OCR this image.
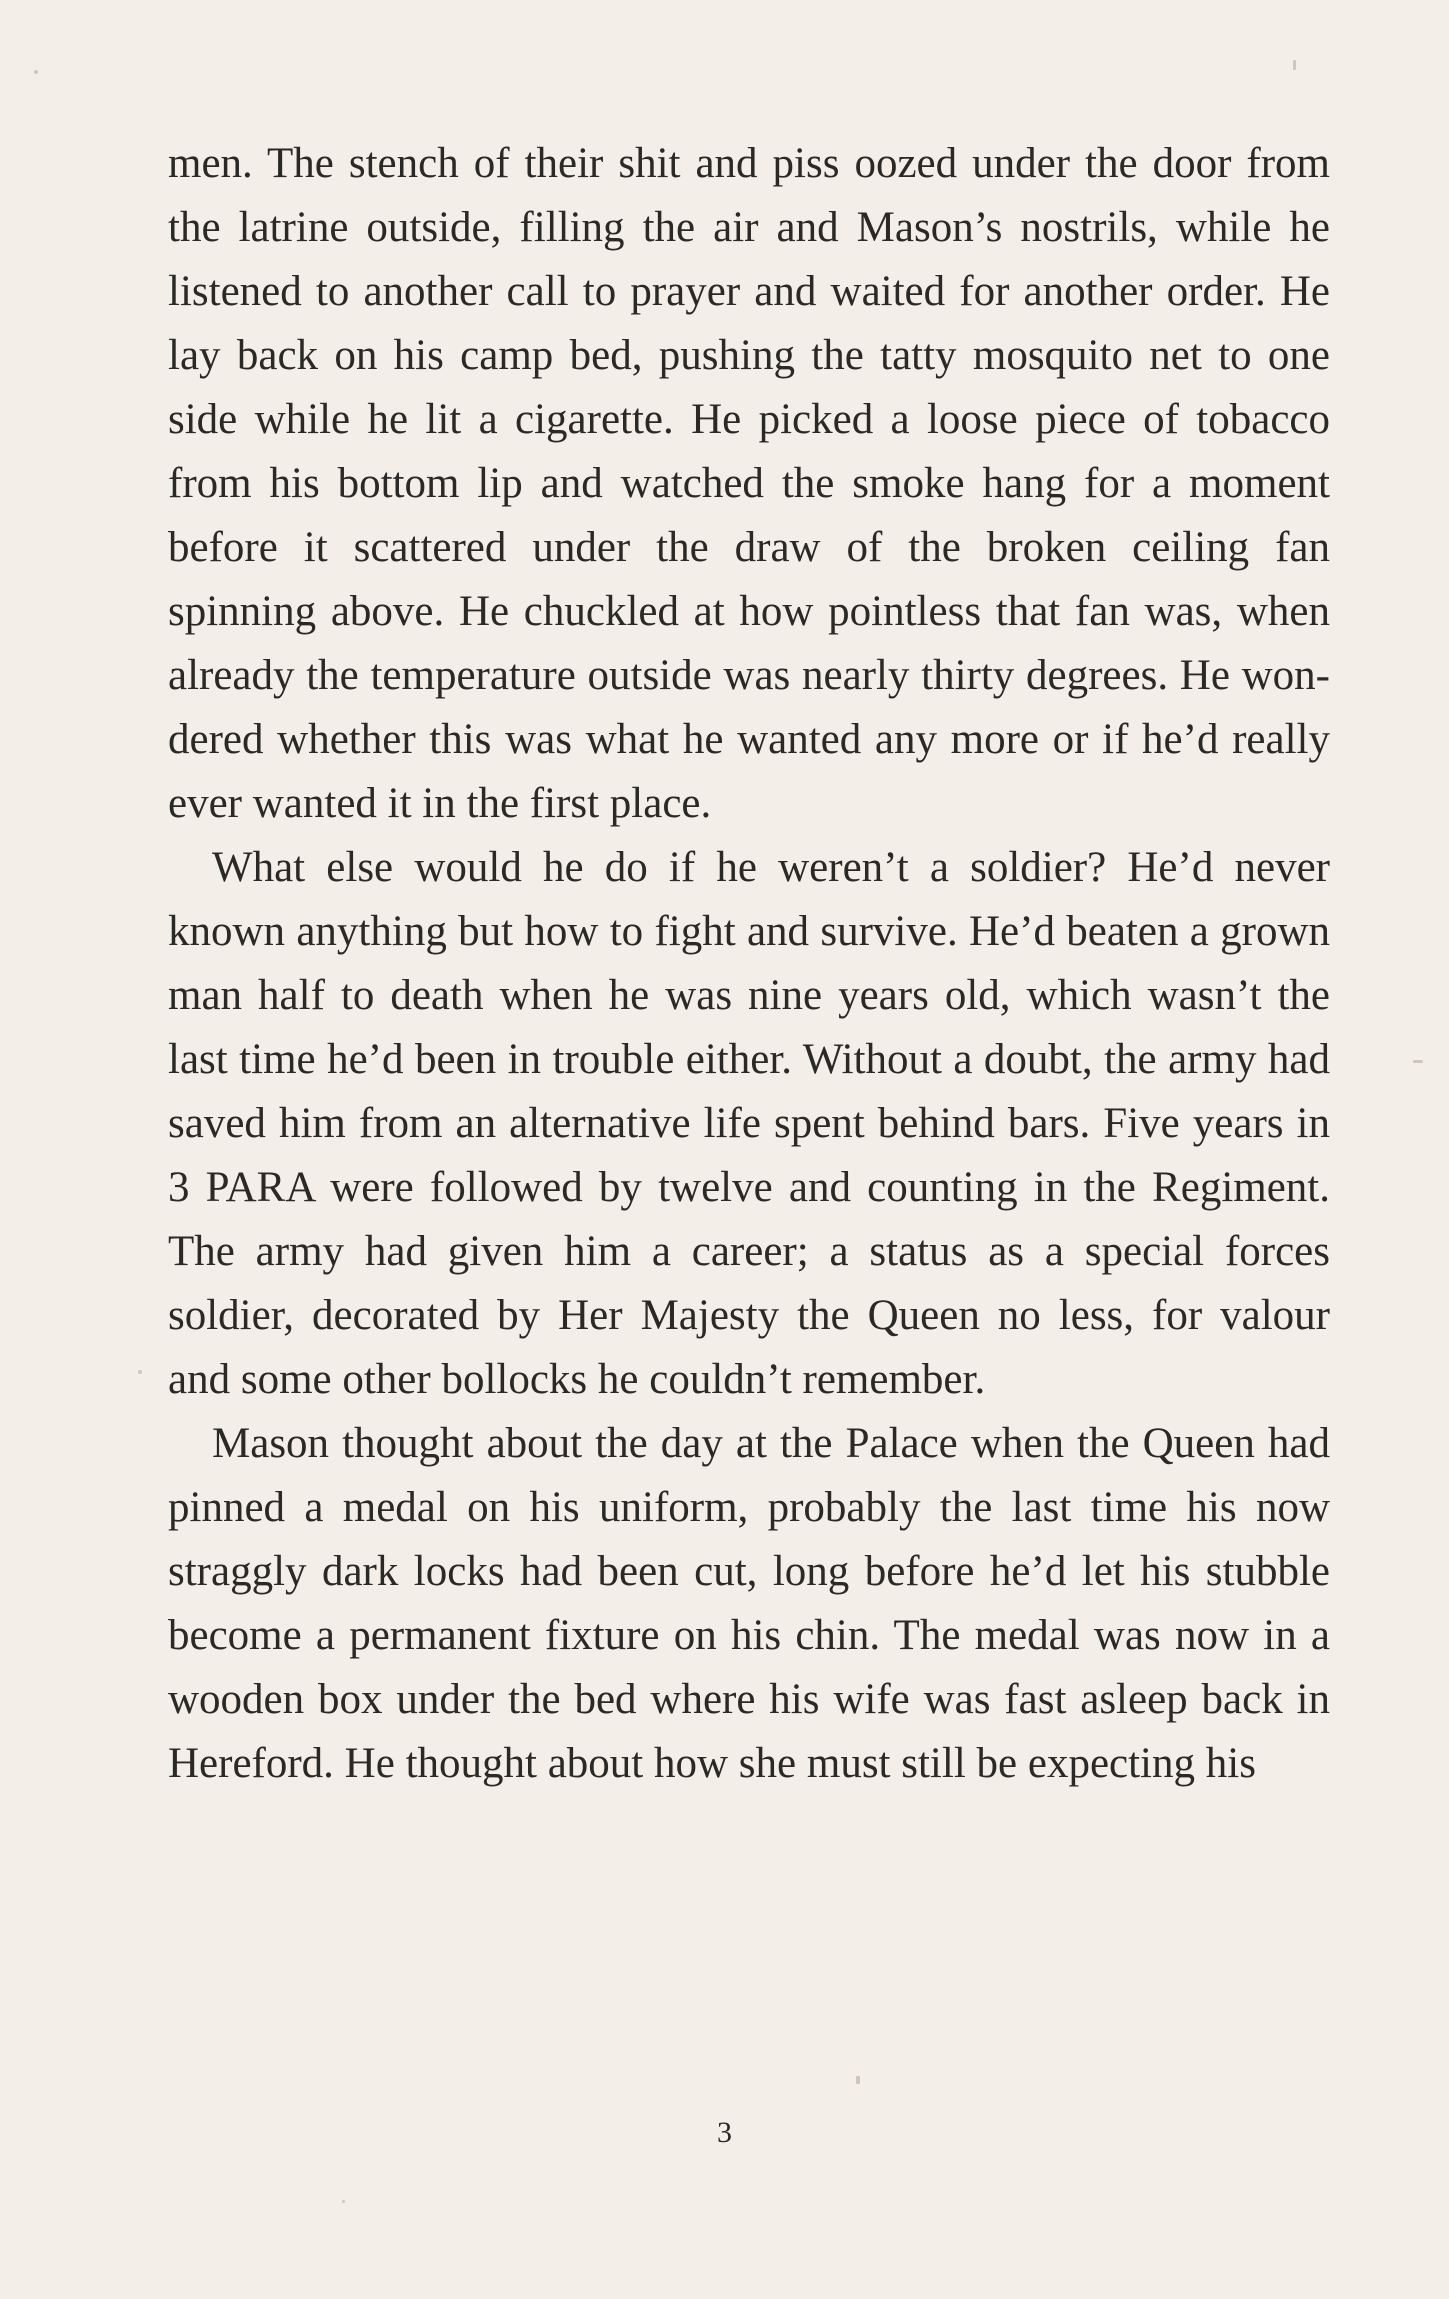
men. The stench of their shit and piss oozed under the door from the latrine outside, filling the air and Mason’s nostrils, while he listened to another call to prayer and waited for another order. He lay back on his camp bed, pushing the tatty mosquito net to one side while he lit a cigarette. He picked a loose piece of tobacco from his bottom lip and watched the smoke hang for a moment before it scattered under the draw of the broken ceiling fan spinning above. He chuckled at how pointless that fan was, when already the temperature outside was nearly thirty degrees. He wondered whether this was what he wanted any more or if he’d really ever wanted it in the first place.

What else would he do if he weren’t a soldier? He’d never known anything but how to fight and survive. He’d beaten a grown man half to death when he was nine years old, which wasn’t the last time he’d been in trouble either. Without a doubt, the army had saved him from an alternative life spent behind bars. Five years in 3 PARA were followed by twelve and counting in the Regiment. The army had given him a career; a status as a special forces soldier, decorated by Her Majesty the Queen no less, for valour and some other bollocks he couldn’t remember.

Mason thought about the day at the Palace when the Queen had pinned a medal on his uniform, probably the last time his now straggly dark locks had been cut, long before he’d let his stubble become a permanent fixture on his chin. The medal was now in a wooden box under the bed where his wife was fast asleep back in Hereford. He thought about how she must still be expecting his

3
